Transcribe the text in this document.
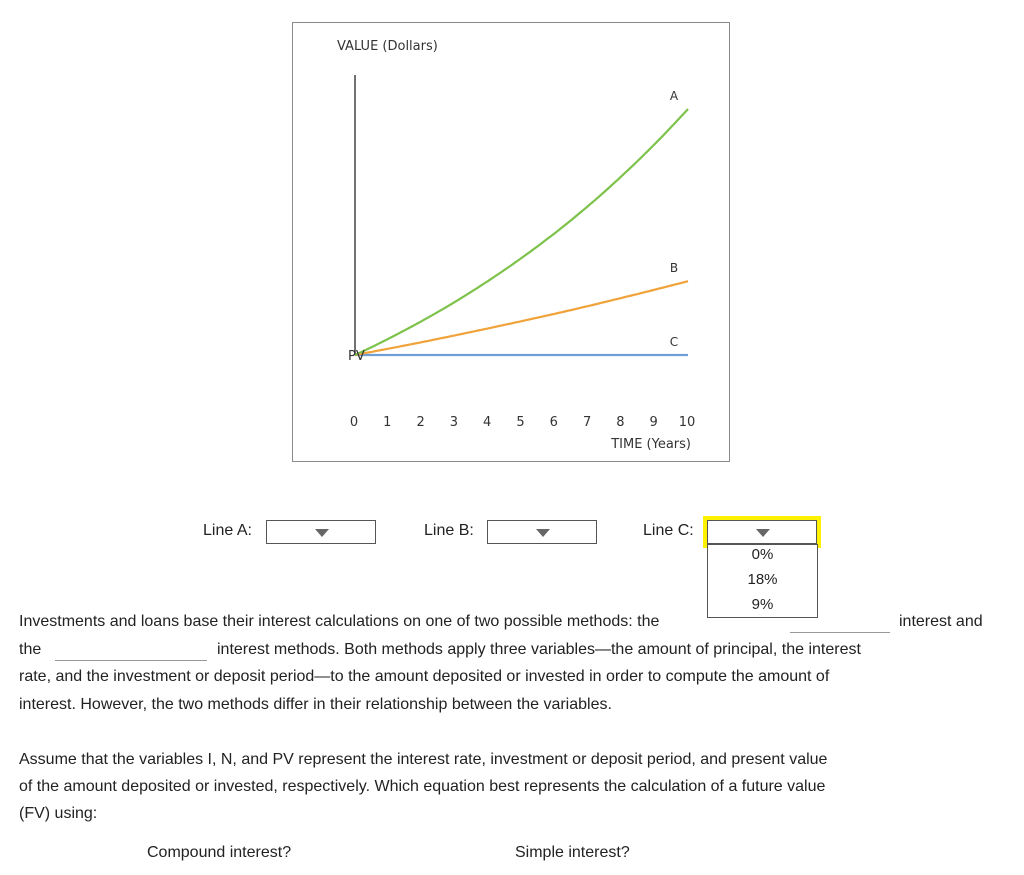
VALUE (Dollars)
C
B
A
PV
0 1 2 3 4 5 6 7 8 9 10
TIME (Years)
Line A:	Line B:	Line C:

Investments and loans base their interest calculations on one of two possible methods: the	interest and
the	interest methods. Both methods apply three variables—the amount of principal, the interest
rate, and the investment or deposit period—to the amount deposited or invested in order to compute the amount of
interest. However, the two methods differ in their relationship between the variables.
0%
18%
9%
Assume that the variables I, N, and PV represent the interest rate, investment or deposit period, and present value
of the amount deposited or invested, respectively. Which equation best represents the calculation of a future value
(FV) using:
Compound interest?	Simple interest?
